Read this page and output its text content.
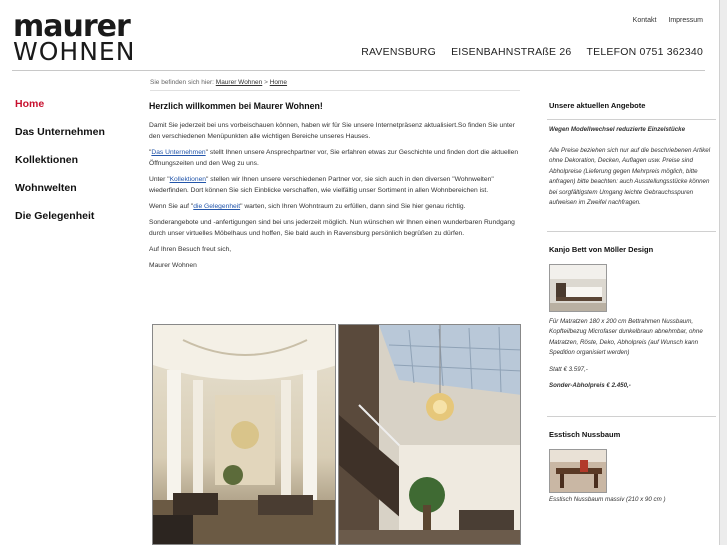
maurer
WOHNEN
Kontakt Impressum
RAVENSBURG EISENBAHNSTRAßE 26 TELEFON 0751 362340
Sie befinden sich hier: Maurer Wohnen > Home
Home
Das Unternehmen
Kollektionen
Wohnwelten
Die Gelegenheit
Herzlich willkommen bei Maurer Wohnen!

Damit Sie jederzeit bei uns vorbeischauen können, haben wir für Sie unsere Internetpräsenz aktualisiert.So finden Sie unter den verschiedenen Menüpunkten alle wichtigen Bereiche unseres Hauses.

"Das Unternehmen" stellt Ihnen unsere Ansprechpartner vor, Sie erfahren etwas zur Geschichte und finden dort die aktuellen Öffnungszeiten und den Weg zu uns.

Unter "Kollektionen" stellen wir Ihnen unsere verschiedenen Partner vor, sie sich auch in den diversen "Wohnwelten" wiederfinden. Dort können Sie sich Einblicke verschaffen, wie vielfältig unser Sortiment in allen Wohnbereichen ist.

Wenn Sie auf "die Gelegenheit" warten, sich Ihren Wohntraum zu erfüllen, dann sind Sie hier genau richtig.

Sonderangebote und -anfertigungen sind bei uns jederzeit möglich. Nun wünschen wir Ihnen einen wunderbaren Rundgang durch unser virtuelles Möbelhaus und hoffen, Sie bald auch in Ravensburg persönlich begrüßen zu dürfen.

Auf Ihren Besuch freut sich,

Maurer Wohnen

Unsere aktuellen Angebote
Wegen Modellwechsel reduzierte Einzelstücke
Alle Preise beziehen sich nur auf die beschriebenen Artikel ohne Dekoration, Decken, Auflagen usw. Preise sind Abholpreise (Lieferung gegen Mehrpreis möglich, bitte anfragen) bitte beachten: auch Ausstellungsstücke können bei sorgfältigstem Umgang leichte Gebrauchsspuren aufweisen im Zweifel nachfragen.
Kanjo Bett von Möller Design
Für Matratzen 180 x 200 cm Bettrahmen Nussbaum, Kopfteilbezug Microfaser dunkelbraun abnehmbar, ohne Matratzen, Röste, Deko, Abholpreis (auf Wunsch kann Spedition organisiert werden)
Statt € 3.597,-
Sonder-Abholpreis € 2.450,-
Esstisch Nussbaum
Esstisch Nussbaum massiv (210 x 90 cm )
